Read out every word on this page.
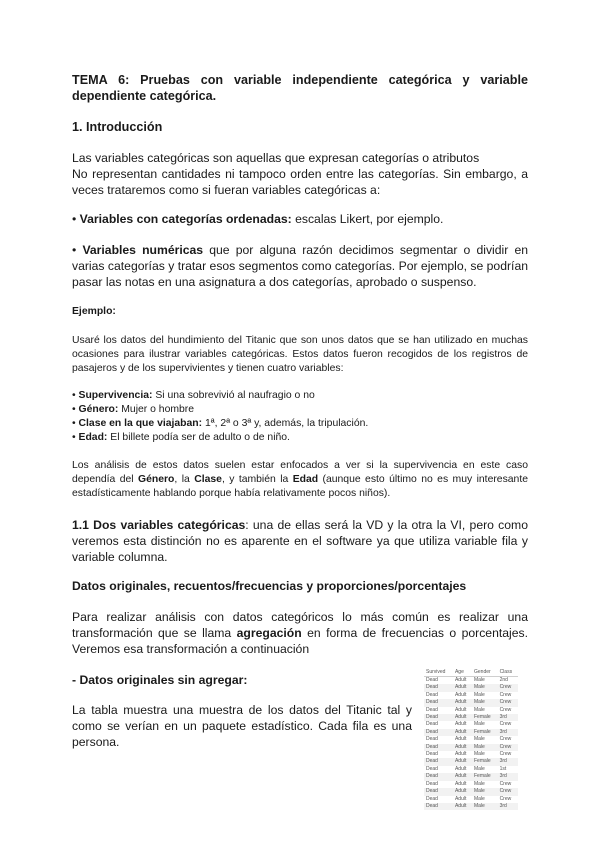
TEMA 6: Pruebas con variable independiente categórica y variable dependiente categórica.

1. Introducción

Las variables categóricas son aquellas que expresan categorías o atributos

No representan cantidades ni tampoco orden entre las categorías. Sin embargo, a veces trataremos como si fueran variables categóricas a:

• Variables con categorías ordenadas: escalas Likert, por ejemplo.

• Variables numéricas que por alguna razón decidimos segmentar o dividir en varias categorías y tratar esos segmentos como categorías. Por ejemplo, se podrían pasar las notas en una asignatura a dos categorías, aprobado o suspenso.

Ejemplo:

Usaré los datos del hundimiento del Titanic que son unos datos que se han utilizado en muchas ocasiones para ilustrar variables categóricas. Estos datos fueron recogidos de los registros de pasajeros y de los supervivientes y tienen cuatro variables:

• Supervivencia: Si una sobrevivió al naufragio o no
• Género: Mujer o hombre
• Clase en la que viajaban: 1ª, 2ª o 3ª y, además, la tripulación.
• Edad: El billete podía ser de adulto o de niño.

Los análisis de estos datos suelen estar enfocados a ver si la supervivencia en este caso dependía del Género, la Clase, y también la Edad (aunque esto último no es muy interesante estadísticamente hablando porque había relativamente pocos niños).

1.1 Dos variables categóricas: una de ellas será la VD y la otra la VI, pero como veremos esta distinción no es aparente en el software ya que utiliza variable fila y variable columna.

Datos originales, recuentos/frecuencias y proporciones/porcentajes

Para realizar análisis con datos categóricos lo más común es realizar una transformación que se llama agregación en forma de frecuencias o porcentajes. Veremos esa transformación a continuación

- Datos originales sin agregar:

La tabla muestra una muestra de los datos del Titanic tal y como se verían en un paquete estadístico. Cada fila es una persona.

Survived	Age	Gender	Class
Dead	Adult	Male	2nd
Dead	Adult	Male	Crew
Dead	Adult	Male	Crew
Dead	Adult	Male	Crew
Dead	Adult	Male	Crew
Dead	Adult	Female	3rd
Dead	Adult	Male	Crew
Dead	Adult	Female	3rd
Dead	Adult	Male	Crew
Dead	Adult	Male	Crew
Dead	Adult	Male	Crew
Dead	Adult	Female	3rd
Dead	Adult	Male	1st
Dead	Adult	Female	3rd
Dead	Adult	Male	Crew
Dead	Adult	Male	Crew
Dead	Adult	Male	Crew
Dead	Adult	Male	3rd
